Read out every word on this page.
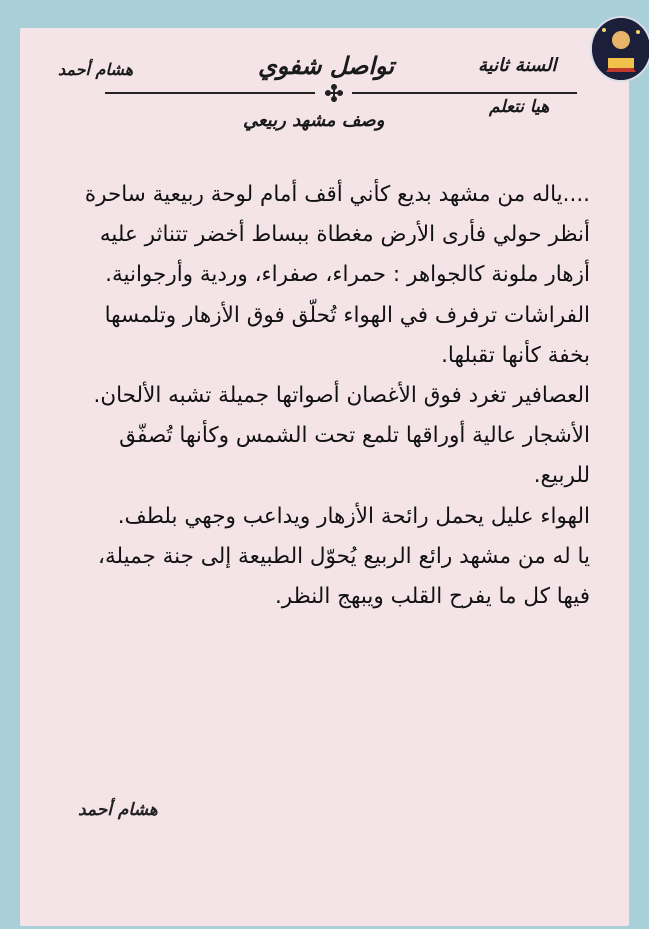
السنة ثانية
تواصل شفوي
هشام أحمد
هيا نتعلم
وصف مشهد ربيعي

....ياله من مشهد بديع كأني أقف أمام لوحة ربيعية ساحرة أنظر حولي فأرى الأرض مغطاة ببساط أخضر تتناثر عليه أزهار ملونة كالجواهر : حمراء، صفراء، وردية وأرجوانية.

الفراشات ترفرف في الهواء تُحلّق فوق الأزهار وتلمسها بخفة كأنها تقبلها.

العصافير تغرد فوق الأغصان أصواتها جميلة تشبه الألحان.

الأشجار عالية أوراقها تلمع تحت الشمس وكأنها تُصفّق للربيع.

الهواء عليل يحمل رائحة الأزهار ويداعب وجهي بلطف.

يا له من مشهد رائع الربيع يُحوّل الطبيعة إلى جنة جميلة، فيها كل ما يفرح القلب ويبهج النظر.

هشام أحمد
